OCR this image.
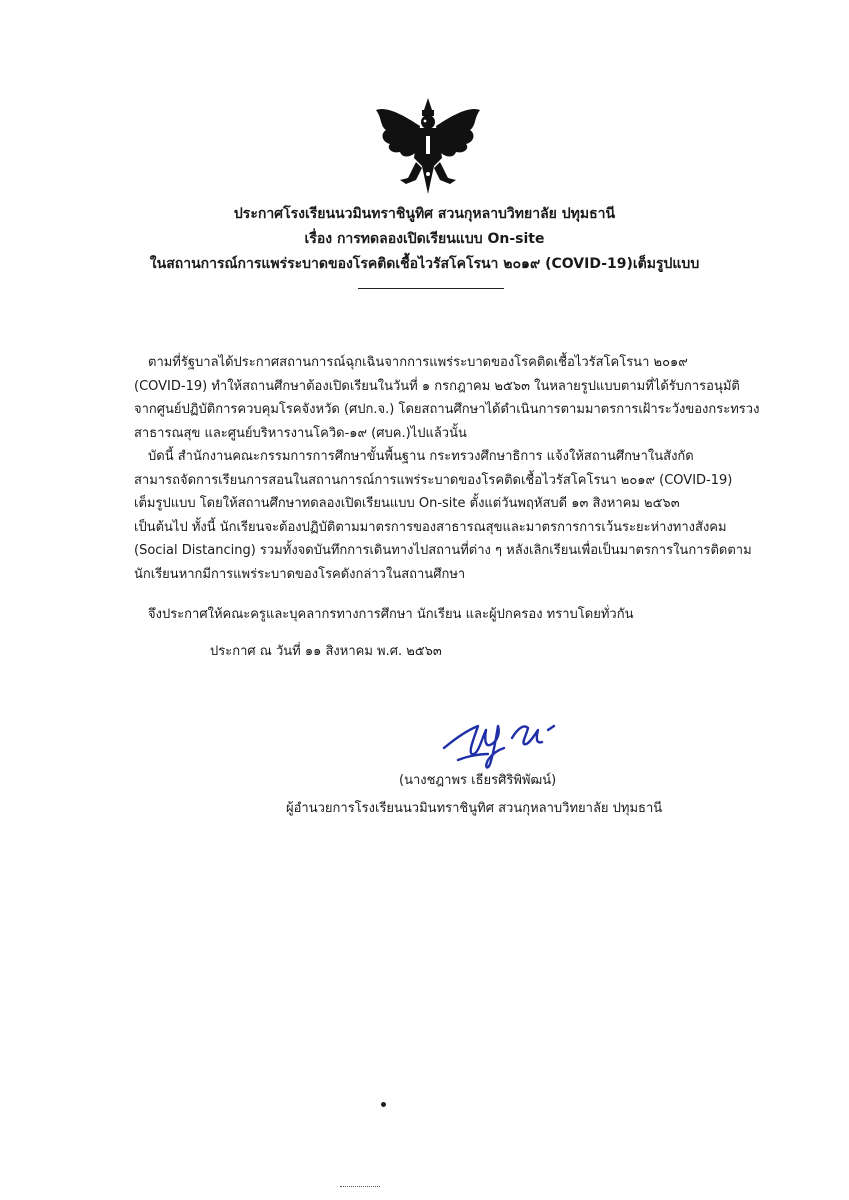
ประกาศโรงเรียนนวมินทราชินูทิศ สวนกุหลาบวิทยาลัย ปทุมธานี
เรื่อง การทดลองเปิดเรียนแบบ On-site
ในสถานการณ์การแพร่ระบาดของโรคติดเชื้อไวรัสโคโรนา ๒๐๑๙ (COVID-19)เต็มรูปแบบ
ตามที่รัฐบาลได้ประกาศสถานการณ์ฉุกเฉินจากการแพร่ระบาดของโรคติดเชื้อไวรัสโคโรนา ๒๐๑๙
(COVID-19) ทำให้สถานศึกษาต้องเปิดเรียนในวันที่ ๑ กรกฎาคม ๒๕๖๓ ในหลายรูปแบบตามที่ได้รับการอนุมัติ
จากศูนย์ปฏิบัติการควบคุมโรคจังหวัด (ศปก.จ.) โดยสถานศึกษาได้ดำเนินการตามมาตรการเฝ้าระวังของกระทรวง
สาธารณสุข และศูนย์บริหารงานโควิด-๑๙ (ศบค.)ไปแล้วนั้น
บัดนี้ สำนักงานคณะกรรมการการศึกษาขั้นพื้นฐาน กระทรวงศึกษาธิการ แจ้งให้สถานศึกษาในสังกัด
สามารถจัดการเรียนการสอนในสถานการณ์การแพร่ระบาดของโรคติดเชื้อไวรัสโคโรนา ๒๐๑๙ (COVID-19)
เต็มรูปแบบ โดยให้สถานศึกษาทดลองเปิดเรียนแบบ On-site ตั้งแต่วันพฤหัสบดี ๑๓ สิงหาคม ๒๕๖๓
เป็นต้นไป ทั้งนี้ นักเรียนจะต้องปฏิบัติตามมาตรการของสาธารณสุขและมาตรการการเว้นระยะห่างทางสังคม
(Social Distancing) รวมทั้งจดบันทึกการเดินทางไปสถานที่ต่าง ๆ หลังเลิกเรียนเพื่อเป็นมาตรการในการติดตาม
นักเรียนหากมีการแพร่ระบาดของโรคดังกล่าวในสถานศึกษา
จึงประกาศให้คณะครูและบุคลากรทางการศึกษา นักเรียน และผู้ปกครอง ทราบโดยทั่วกัน
ประกาศ ณ วันที่ ๑๑ สิงหาคม พ.ศ. ๒๕๖๓
(นางชฎาพร เธียรศิริพิพัฒน์)
ผู้อำนวยการโรงเรียนนวมินทราชินูทิศ สวนกุหลาบวิทยาลัย ปทุมธานี
